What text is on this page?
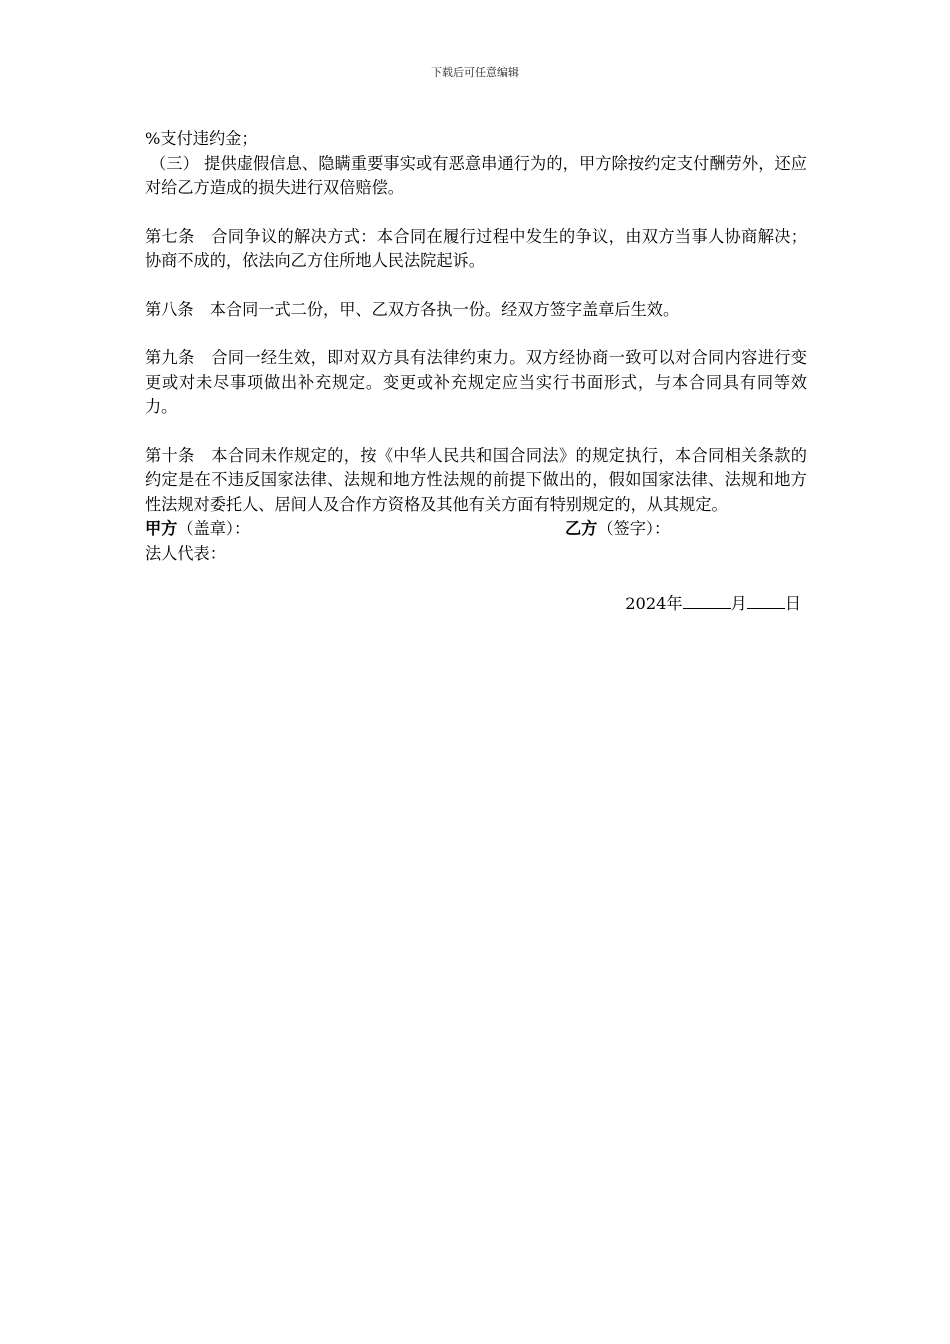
下载后可任意编辑

%支付违约金；

（三） 提供虚假信息、隐瞒重要事实或有恶意串通行为的，甲方除按约定支付酬劳外，还应对给乙方造成的损失进行双倍赔偿。

第七条　合同争议的解决方式：本合同在履行过程中发生的争议，由双方当事人协商解决；协商不成的，依法向乙方住所地人民法院起诉。

第八条　本合同一式二份，甲、乙双方各执一份。经双方签字盖章后生效。

第九条　合同一经生效，即对双方具有法律约束力。双方经协商一致可以对合同内容进行变更或对未尽事项做出补充规定。变更或补充规定应当实行书面形式，与本合同具有同等效力。

第十条　本合同未作规定的，按《中华人民共和国合同法》的规定执行，本合同相关条款的约定是在不违反国家法律、法规和地方性法规的前提下做出的，假如国家法律、法规和地方性法规对委托人、居间人及合作方资格及其他有关方面有特别规定的，从其规定。

甲方（盖章）：	乙方（签字）：

法人代表：

2024年	月 日
